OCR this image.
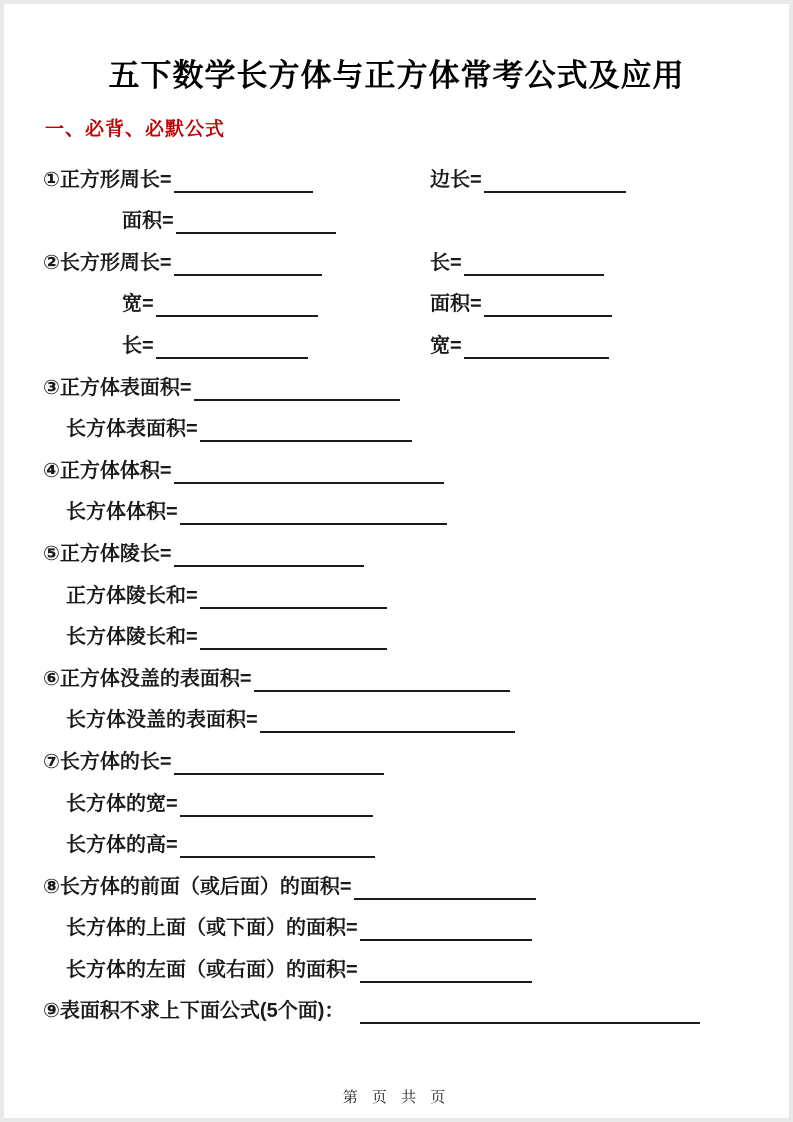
五下数学长方体与正方体常考公式及应用
一、必背、必默公式
①正方形周长=	边长=
面积=
②长方形周长=	长=
宽=	面积=
长=	宽=
③正方体表面积=
长方体表面积=
④正方体体积=
长方体体积=
⑤正方体陵长=
正方体陵长和=
长方体陵长和=
⑥正方体没盖的表面积=
长方体没盖的表面积=
⑦长方体的长=
长方体的宽=
长方体的高=
⑧长方体的前面（或后面）的面积=
长方体的上面（或下面）的面积=
长方体的左面（或右面）的面积=
⑨表面积不求上下面公式(5个面)：
第 页 共 页
